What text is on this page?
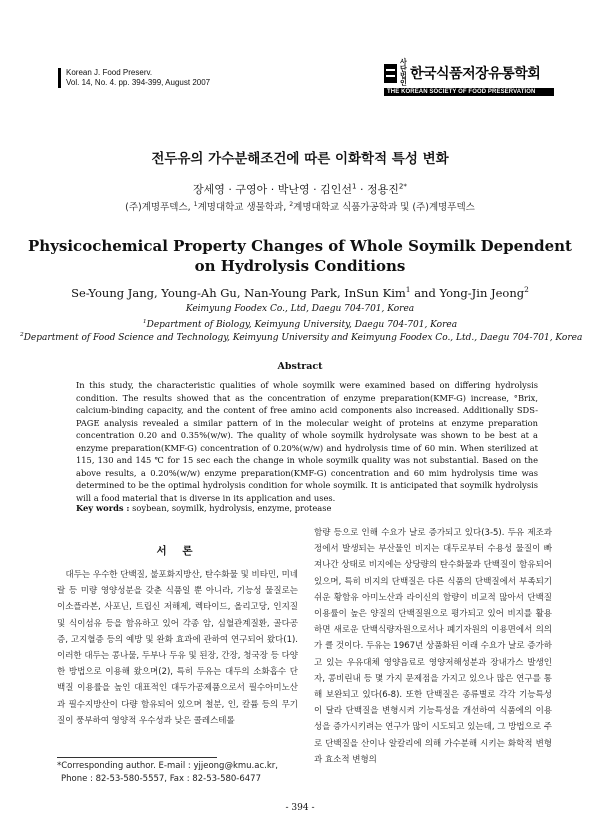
Korean J. Food Preserv.
Vol. 14, No. 4. pp. 394-399, August 2007
사단법인
한국식품저장유통학회
THE KOREAN SOCIETY OF FOOD PRESERVATION
전두유의 가수분해조건에 따른 이화학적 특성 변화
장세영 · 구영아 · 박난영 · 김인선$^1$ · 정용진$^{2*}$
(주)계명푸덱스, $^1$계명대학교 생물학과, $^2$계명대학교 식품가공학과 및 (주)계명푸덱스
Physicochemical Property Changes of Whole Soymilk Dependent on Hydrolysis Conditions
Se-Young Jang, Young-Ah Gu, Nan-Young Park, InSun Kim$^1$ and Yong-Jin Jeong$^2$
Keimyung Foodex Co., Ltd, Daegu 704-701, Korea
$^1$Department of Biology, Keimyung University, Daegu 704-701, Korea
$^2$Department of Food Science and Technology, Keimyung University and Keimyung Foodex Co., Ltd., Daegu 704-701, Korea
Abstract
In this study, the characteristic qualities of whole soymilk were examined based on differing hydrolysis condition. The results showed that as the concentration of enzyme preparation(KMF-G) increase, °Brix, calcium-binding capacity, and the content of free amino acid components also increased. Additionally SDS-PAGE analysis revealed a similar pattern of in the molecular weight of proteins at enzyme preparation concentration 0.20 and 0.35%(w/w). The quality of whole soymilk hydrolysate was shown to be best at a enzyme preparation(KMF-G) concentration of 0.20%(w/w) and hydrolysis time of 60 min. When sterilized at 115, 130 and 145 ℃ for 15 sec each the change in whole soymilk quality was not substantial. Based on the above results, a 0.20%(w/w) enzyme preparation(KMF-G) concentration and 60 mim hydrolysis time was determined to be the optimal hydrolysis condition for whole soymilk. It is anticipated that soymilk hydrolysis will a food material that is diverse in its application and uses.
Key words : soybean, soymilk, hydrolysis, enzyme, protease
서 론

대두는 우수한 단백질, 불포화지방산, 탄수화물 및 비타민, 미네랄 등 미량 영양성분을 갖춘 식품일 뿐 아니라, 기능성 물질로는 이소플라본, 사포닌, 트립신 저해제, 렉타이드, 올리고당, 인지질 및 식이섬유 등을 함유하고 있어 각종 암, 심혈관계질환, 골다공증, 고지혈증 등의 예방 및 완화 효과에 관하여 연구되어 왔다(1). 이러한 대두는 콩나물, 두부나 두유 및 된장, 간장, 청국장 등 다양한 방법으로 이용해 왔으며(2), 특히 두유는 대두의 소화흡수 단백질 이용률을 높인 대표적인 대두가공제품으로서 필수아미노산과 필수지방산이 다량 함유되어 있으며 철분, 인, 칼륨 등의 무기질이 풍부하여 영양적 우수성과 낮은 콜레스테롤

함량 등으로 인해 수요가 날로 증가되고 있다(3-5). 두유 제조과정에서 발생되는 부산물인 비지는 대두로부터 수용성 물질이 빠져나간 상태로 비지에는 상당량의 탄수화물과 단백질이 함유되어 있으며, 특히 비지의 단백질은 다른 식품의 단백질에서 부족되기 쉬운 황함유 아미노산과 라이신의 함량이 비교적 많아서 단백질 이용률이 높은 양질의 단백질원으로 평가되고 있어 비지를 활용하면 새로운 단백식량자원으로서나 폐기자원의 이용면에서 의의가 클 것이다. 두유는 1967년 상품화된 이래 수요가 날로 증가하고 있는 우유대체 영양음료로 영양저해성분과 장내가스 발생인자, 콩비린내 등 몇 가지 문제점을 가지고 있으나 많은 연구를 통해 보완되고 있다(6-8). 또한 단백질은 종류별로 각각 기능특성이 달라 단백질을 변형시켜 기능특성을 개선하여 식품에의 이용성을 증가시키려는 연구가 많이 시도되고 있는데, 그 방법으로 주로 단백질을 산이나 알칼리에 의해 가수분해 시키는 화학적 변형과 효소적 변형의

*Corresponding author. E-mail : yjjeong@kmu.ac.kr,
Phone : 82-53-580-5557, Fax : 82-53-580-6477
- 394 -
